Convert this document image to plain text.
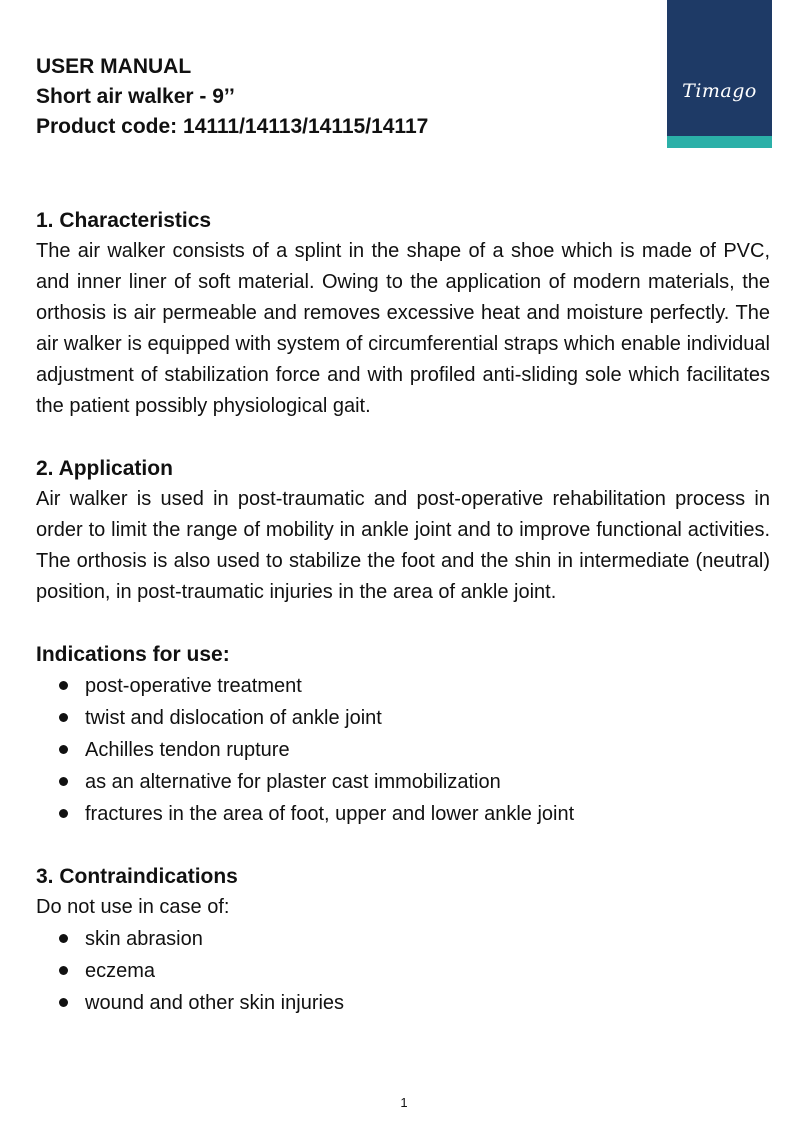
USER MANUAL
Short air walker - 9’’
Product code: 14111/14113/14115/14117
Timago

1. Characteristics

The air walker consists of a splint in the shape of a shoe which is made of PVC, and inner liner of soft material. Owing to the application of modern materials, the orthosis is air permeable and removes excessive heat and moisture perfectly. The air walker is equipped with system of circumferential straps which enable individual adjustment of stabilization force and with profiled anti-sliding sole which facilitates the patient possibly physiological gait.

2. Application

Air walker is used in post-traumatic and post-operative rehabilitation process in order to limit the range of mobility in ankle joint and to improve functional activities. The orthosis is also used to stabilize the foot and the shin in intermediate (neutral) position, in post-traumatic injuries in the area of ankle joint.

Indications for use:

post-operative treatment
twist and dislocation of ankle joint
Achilles tendon rupture
as an alternative for plaster cast immobilization
fractures in the area of foot, upper and lower ankle joint

3. Contraindications

Do not use in case of:

skin abrasion
eczema
wound and other skin injuries
1
